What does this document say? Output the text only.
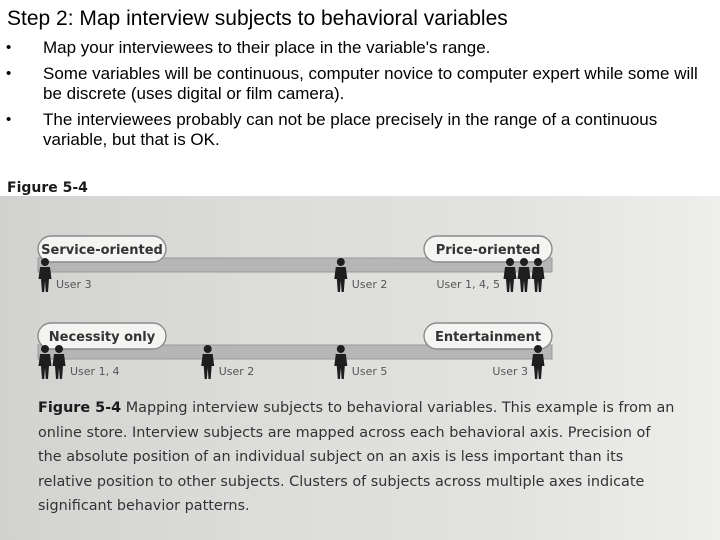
Step 2: Map interview subjects to behavioral variables
• Map your interviewees to their place in the variable's range.
• Some variables will be continuous, computer novice to computer expert while some will be discrete (uses digital or film camera).
• The interviewees probably can not be place precisely in the range of a continuous variable, but that is OK.
Figure 5-4
Service-oriented	Price-oriented
User 3	User 2	User 1, 4, 5
Necessity only	Entertainment
User 1, 4	User 2	User 5	User 3
Figure 5-4 Mapping interview subjects to behavioral variables. This example is from an online store. Interview subjects are mapped across each behavioral axis. Precision of the absolute position of an individual subject on an axis is less important than its relative position to other subjects. Clusters of subjects across multiple axes indicate significant behavior patterns.
